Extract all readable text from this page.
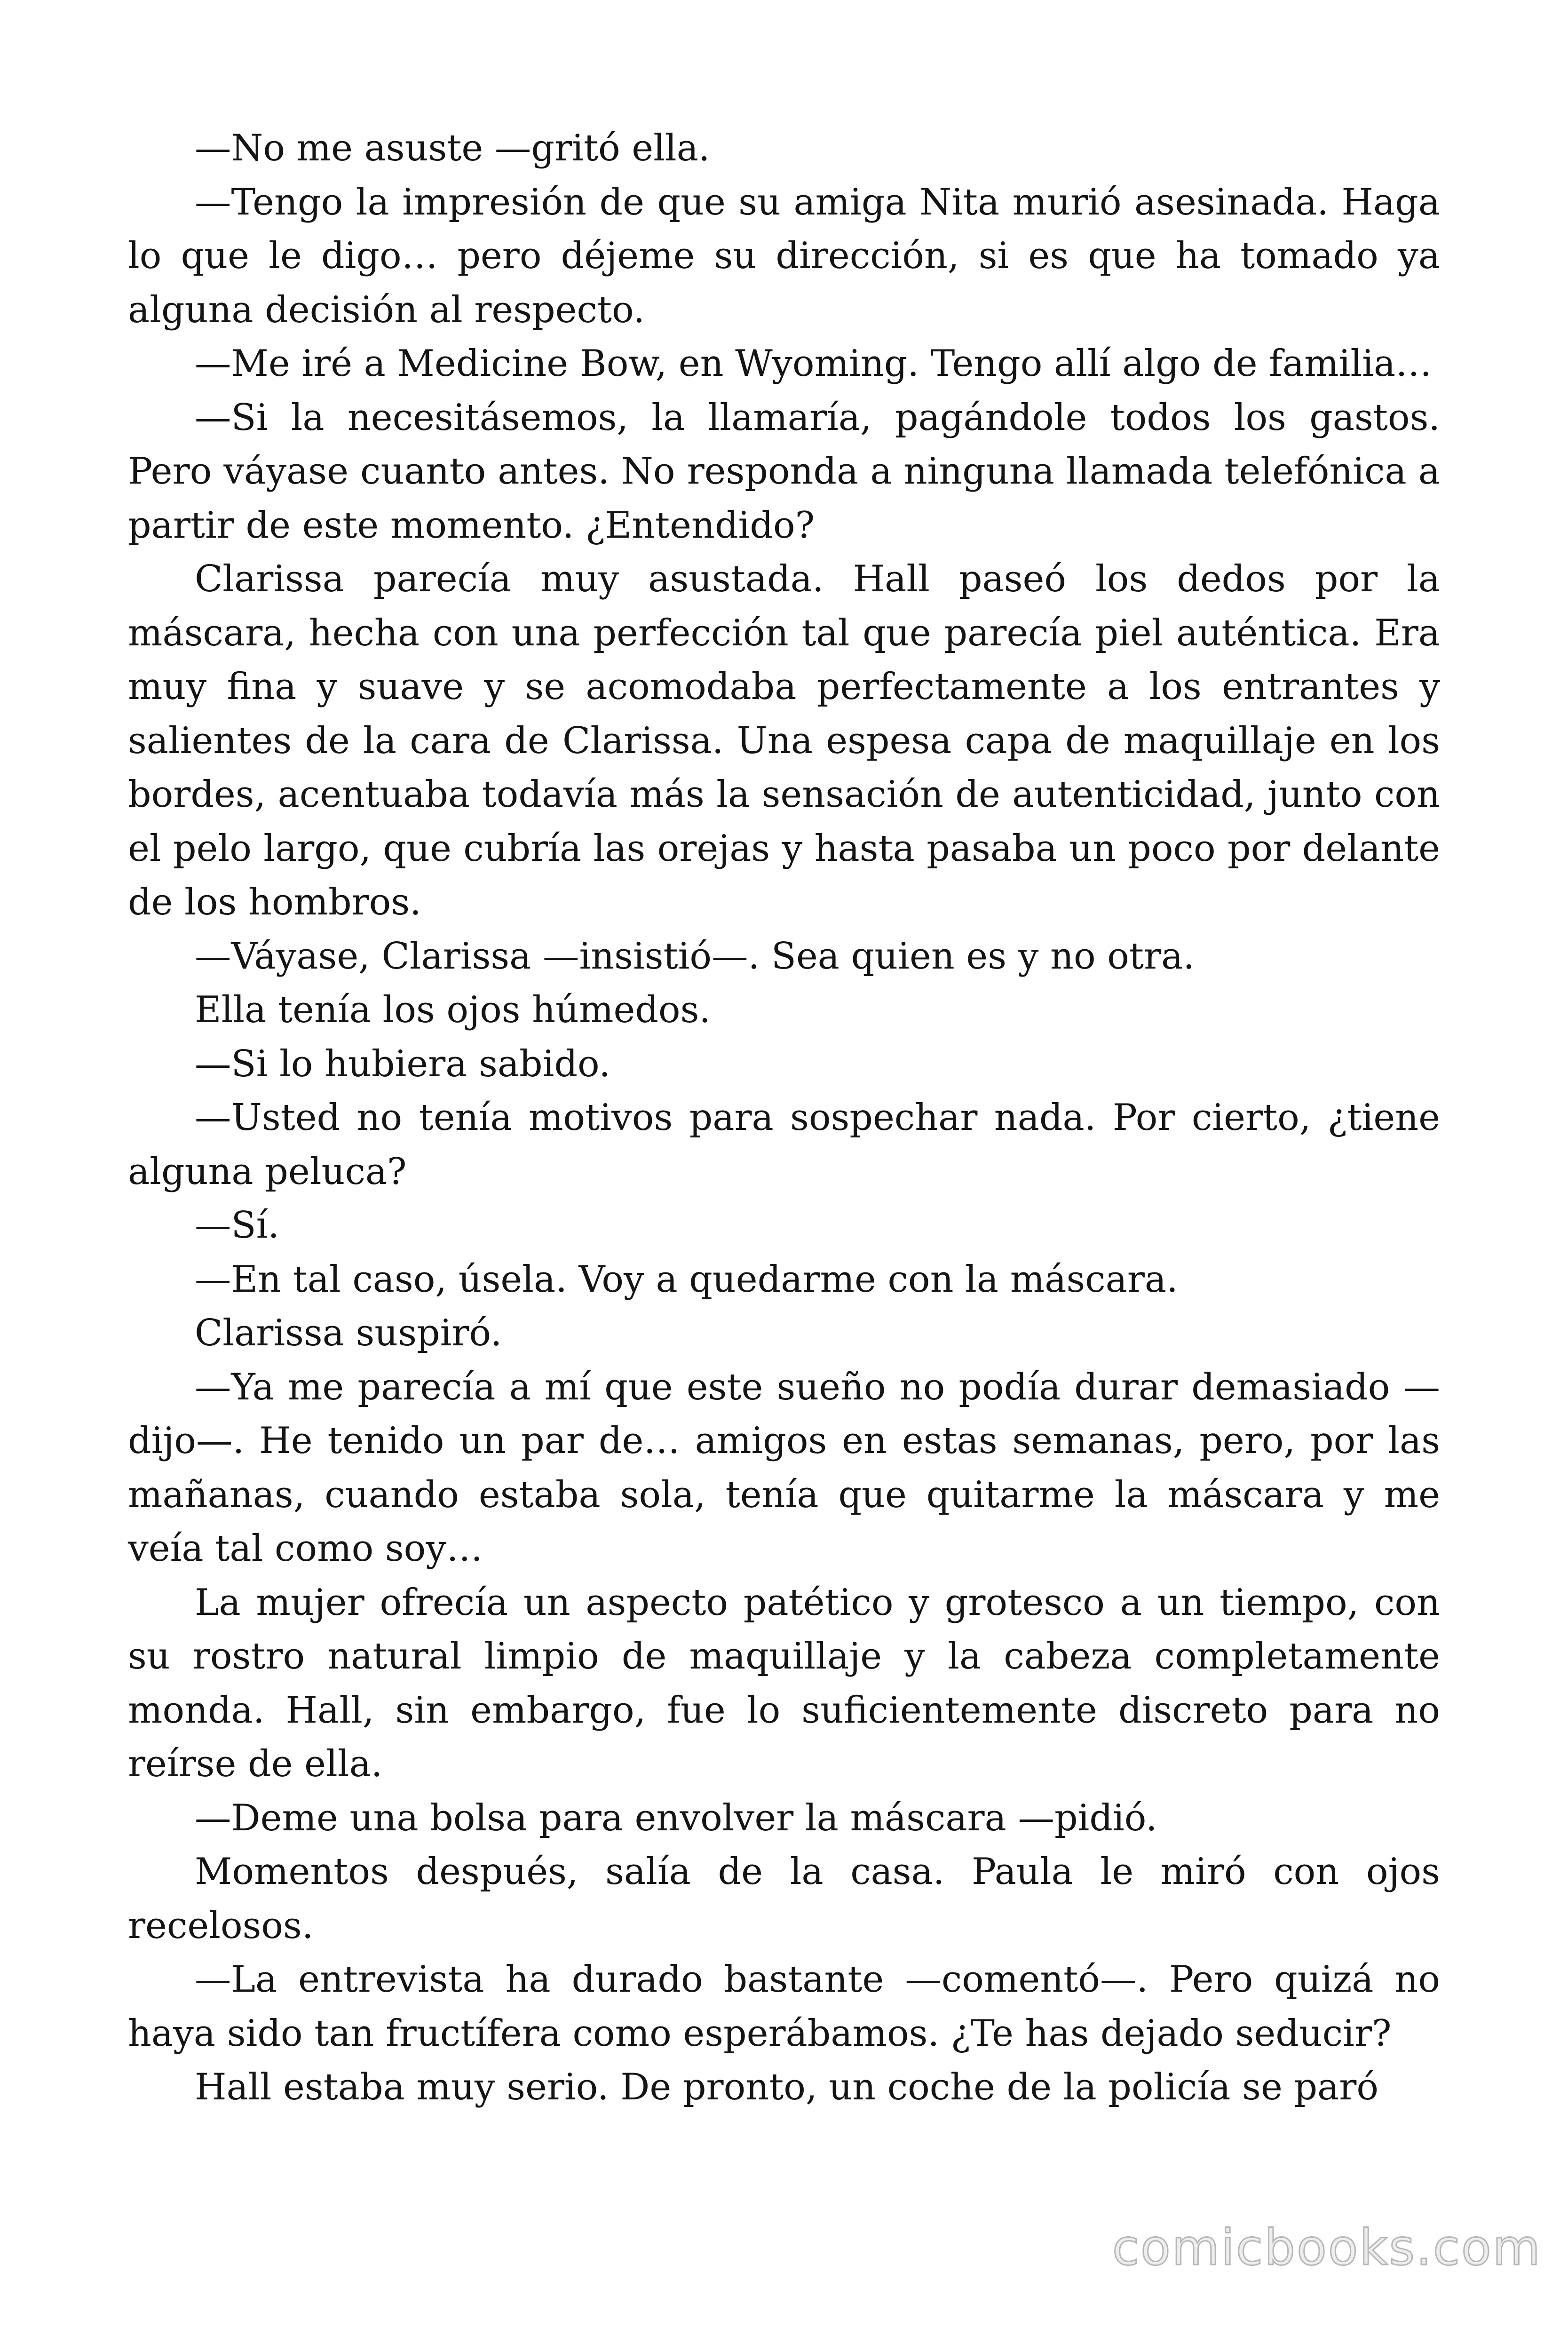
—No me asuste —gritó ella.

—Tengo la impresión de que su amiga Nita murió asesinada. Haga lo que le digo… pero déjeme su dirección, si es que ha tomado ya alguna decisión al respecto.

—Me iré a Medicine Bow, en Wyoming. Tengo allí algo de familia…

—Si la necesitásemos, la llamaría, pagándole todos los gastos. Pero váyase cuanto antes. No responda a ninguna llamada telefónica a partir de este momento. ¿Entendido?

Clarissa parecía muy asustada. Hall paseó los dedos por la máscara, hecha con una perfección tal que parecía piel auténtica. Era muy fina y suave y se acomodaba perfectamente a los entrantes y salientes de la cara de Clarissa. Una espesa capa de maquillaje en los bordes, acentuaba todavía más la sensación de autenticidad, junto con el pelo largo, que cubría las orejas y hasta pasaba un poco por delante de los hombros.

—Váyase, Clarissa —insistió—. Sea quien es y no otra.

Ella tenía los ojos húmedos.

—Si lo hubiera sabido.

—Usted no tenía motivos para sospechar nada. Por cierto, ¿tiene alguna peluca?

—Sí.

—En tal caso, úsela. Voy a quedarme con la máscara.

Clarissa suspiró.

—Ya me parecía a mí que este sueño no podía durar demasiado —dijo—. He tenido un par de… amigos en estas semanas, pero, por las mañanas, cuando estaba sola, tenía que quitarme la máscara y me veía tal como soy…

La mujer ofrecía un aspecto patético y grotesco a un tiempo, con su rostro natural limpio de maquillaje y la cabeza completamente monda. Hall, sin embargo, fue lo suficientemente discreto para no reírse de ella.

—Deme una bolsa para envolver la máscara —pidió.

Momentos después, salía de la casa. Paula le miró con ojos recelosos.

—La entrevista ha durado bastante —comentó—. Pero quizá no haya sido tan fructífera como esperábamos. ¿Te has dejado seducir?

Hall estaba muy serio. De pronto, un coche de la policía se paró

comicbooks.com
